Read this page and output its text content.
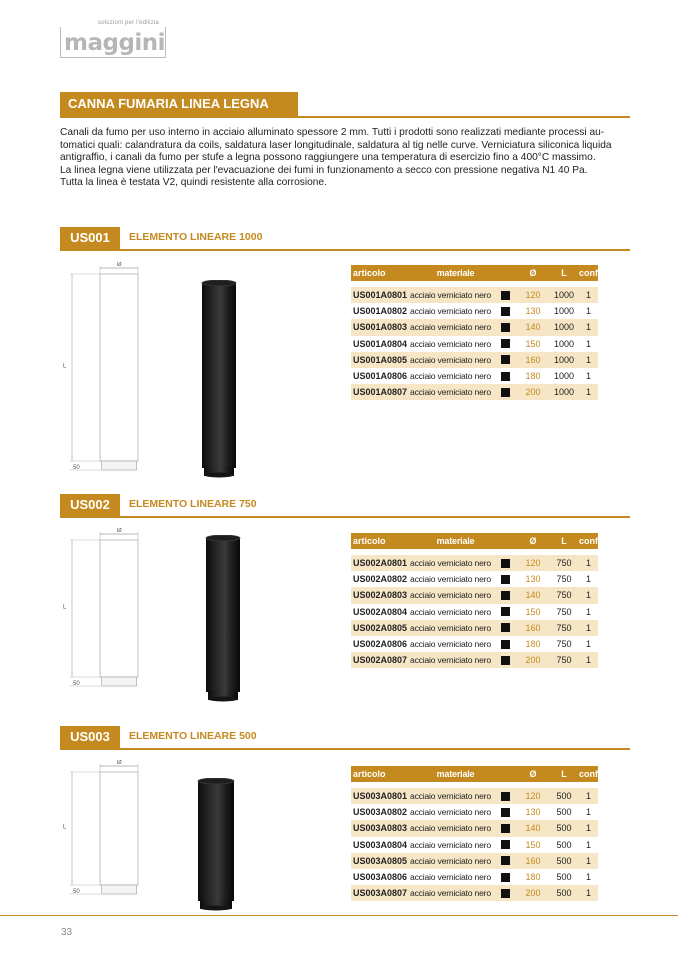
soluzioni per l'edilizia
maggini
CANNA FUMARIA LINEA LEGNA

Canali da fumo per uso interno in acciaio alluminato spessore 2 mm. Tutti i prodotti sono realizzati mediante processi au-

tomatici quali: calandratura da coils, saldatura laser longitudinale, saldatura al tig nelle curve. Verniciatura siliconica liquida

antigraffio, i canali da fumo per stufe a legna possono raggiungere una temperatura di esercizio fino a 400°C massimo.

La linea legna viene utilizzata per l'evacuazione dei fumi in funzionamento a secco con pressione negativa N1 40 Pa.

Tutta la linea è testata V2, quindi resistente alla corrosione.

US001	ELEMENTO LINEARE 1000
US002	ELEMENTO LINEARE 750
US003	ELEMENTO LINEARE 500
33
Ø
L
50
articolo	materiale	Ø	L	conf.
US001A0801 acciaio verniciato nero	120	1000	1
US001A0802 acciaio verniciato nero	130	1000	1
US001A0803 acciaio verniciato nero	140	1000	1
US001A0804 acciaio verniciato nero	150	1000	1
US001A0805 acciaio verniciato nero	160	1000	1
US001A0806 acciaio verniciato nero	180	1000	1
US001A0807 acciaio verniciato nero	200	1000	1
Ø
L
50
articolo	materiale	Ø	L	conf.
US002A0801 acciaio verniciato nero	120	750	1
US002A0802 acciaio verniciato nero	130	750	1
US002A0803 acciaio verniciato nero	140	750	1
US002A0804 acciaio verniciato nero	150	750	1
US002A0805 acciaio verniciato nero	160	750	1
US002A0806 acciaio verniciato nero	180	750	1
US002A0807 acciaio verniciato nero	200	750	1
Ø
L
50
articolo	materiale	Ø	L	conf.
US003A0801 acciaio verniciato nero	120	500	1
US003A0802 acciaio verniciato nero	130	500	1
US003A0803 acciaio verniciato nero	140	500	1
US003A0804 acciaio verniciato nero	150	500	1
US003A0805 acciaio verniciato nero	160	500	1
US003A0806 acciaio verniciato nero	180	500	1
US003A0807 acciaio verniciato nero	200	500	1
